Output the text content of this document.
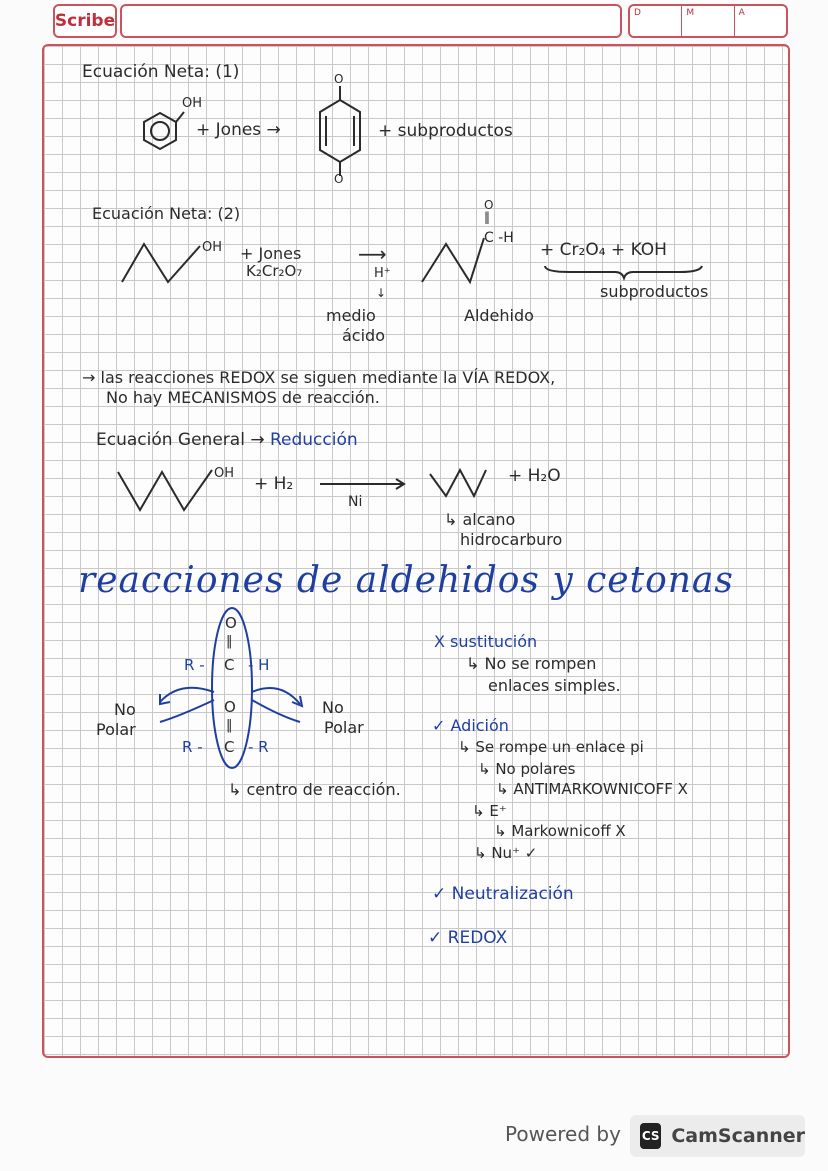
Scribe	D	M	A
Ecuación Neta: (1)
OH
+ Jones →
O
O
+ subproductos
Ecuación Neta: (2)
OH + Jones
K₂Cr₂O₇
⟶
H⁺
↓
medio
ácido
O
‖
C -H
+ Cr₂O₄ + KOH
subproductos
Aldehido
→ las reacciones REDOX se siguen mediante la VÍA REDOX,
No hay MECANISMOS de reacción.
Ecuación General → Reducción
OH
+ H₂
Ni
+ H₂O
↳ alcano
hidrocarburo
reacciones de aldehidos y cetonas
O
‖
C
R -	- H
O
‖
C
R -	- R
No
Polar
No
Polar
↳ centro de reacción.
X sustitución
↳ No se rompen
enlaces simples.
✓ Adición
↳ Se rompe un enlace pi
↳ No polares
↳ ANTIMARKOWNICOFF X
↳ E⁺
↳ Markownicoff X
↳ Nu⁺ ✓
✓ Neutralización
✓ REDOX
Powered by CS CamScanner
